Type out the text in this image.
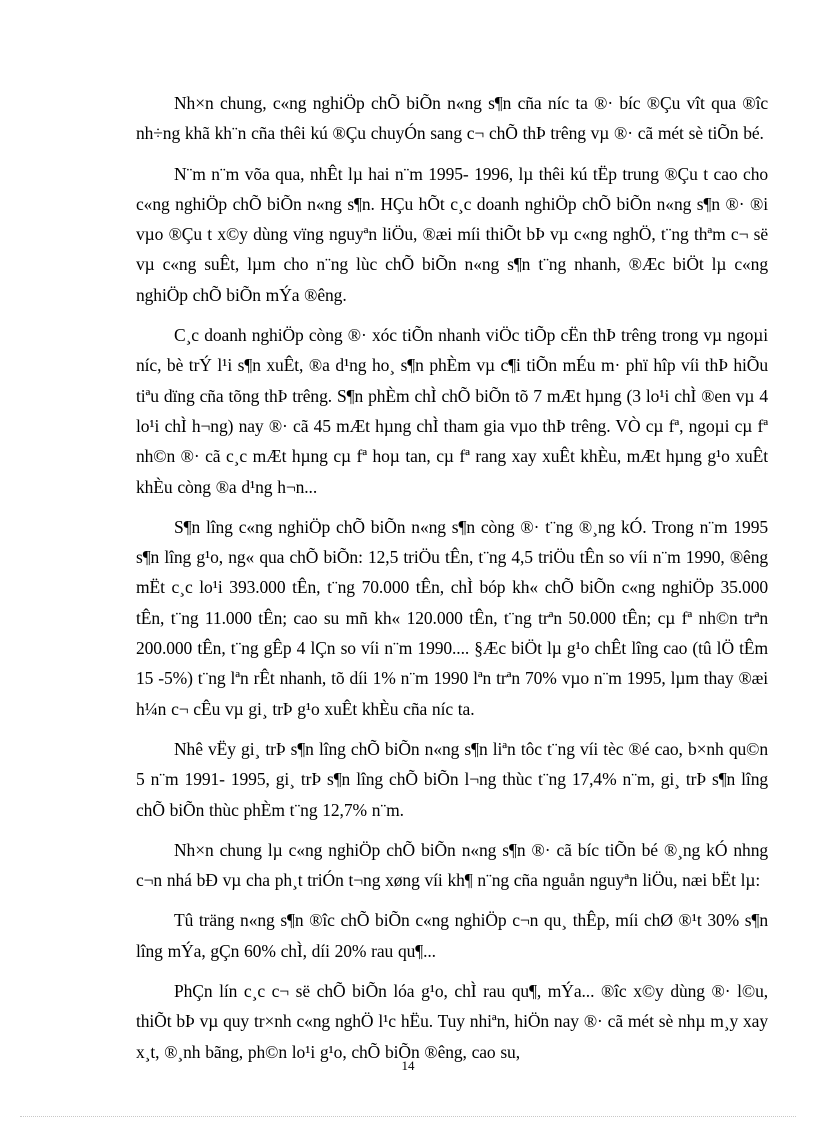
Nh×n chung, c«ng nghiÖp chÕ biÕn n«ng s¶n cña níc ta ®· bíc ®Çu vît qua ®îc nh÷ng khã kh¨n cña thêi kú ®Çu chuyÓn sang c¬ chÕ thÞ trêng vµ ®· cã mét sè tiÕn bé.

N¨m n¨m võa qua, nhÊt lµ hai n¨m 1995- 1996, lµ thêi kú tËp trung ®Çu t cao cho c«ng nghiÖp chÕ biÕn n«ng s¶n. HÇu hÕt c¸c doanh nghiÖp chÕ biÕn n«ng s¶n ®· ®i vµo ®Çu t x©y dùng vïng nguyªn liÖu, ®æi míi thiÕt bÞ vµ c«ng nghÖ, t¨ng thªm c¬ së vµ c«ng suÊt, lµm cho n¨ng lùc chÕ biÕn n«ng s¶n t¨ng nhanh, ®Æc biÖt lµ c«ng nghiÖp chÕ biÕn mÝa ®êng.

C¸c doanh nghiÖp còng ®· xóc tiÕn nhanh viÖc tiÕp cËn thÞ trêng trong vµ ngoµi níc, bè trÝ l¹i s¶n xuÊt, ®a d¹ng ho¸ s¶n phÈm vµ c¶i tiÕn mÉu m· phï hîp víi thÞ hiÕu tiªu dïng cña tõng thÞ trêng. S¶n phÈm chÌ chÕ biÕn tõ 7 mÆt hµng (3 lo¹i chÌ ®en vµ 4 lo¹i chÌ h¬ng) nay ®· cã 45 mÆt hµng chÌ tham gia vµo thÞ trêng. VÒ cµ fª, ngoµi cµ fª nh©n ®· cã c¸c mÆt hµng cµ fª hoµ tan, cµ fª rang xay xuÊt khÈu, mÆt hµng g¹o xuÊt khÈu còng ®a d¹ng h¬n...

S¶n lîng c«ng nghiÖp chÕ biÕn n«ng s¶n còng ®· t¨ng ®¸ng kÓ. Trong n¨m 1995 s¶n lîng g¹o, ng« qua chÕ biÕn: 12,5 triÖu tÊn, t¨ng 4,5 triÖu tÊn so víi n¨m 1990, ®êng mËt c¸c lo¹i 393.000 tÊn, t¨ng 70.000 tÊn, chÌ bóp kh« chÕ biÕn c«ng nghiÖp 35.000 tÊn, t¨ng 11.000 tÊn; cao su mñ kh« 120.000 tÊn, t¨ng trªn 50.000 tÊn; cµ fª nh©n trªn 200.000 tÊn, t¨ng gÊp 4 lÇn so víi n¨m 1990.... §Æc biÖt lµ g¹o chÊt lîng cao (tû lÖ tÊm 15 -5%) t¨ng lªn rÊt nhanh, tõ díi 1% n¨m 1990 lªn trªn 70% vµo n¨m 1995, lµm thay ®æi h¼n c¬ cÊu vµ gi¸ trÞ g¹o xuÊt khÈu cña níc ta.

Nhê vËy gi¸ trÞ s¶n lîng chÕ biÕn n«ng s¶n liªn tôc t¨ng víi tèc ®é cao, b×nh qu©n 5 n¨m 1991- 1995, gi¸ trÞ s¶n lîng chÕ biÕn l¬ng thùc t¨ng 17,4% n¨m, gi¸ trÞ s¶n lîng chÕ biÕn thùc phÈm t¨ng 12,7% n¨m.

Nh×n chung lµ c«ng nghiÖp chÕ biÕn n«ng s¶n ®· cã bíc tiÕn bé ®¸ng kÓ nhng c¬n nhá bÐ vµ cha ph¸t triÓn t¬ng xøng víi kh¶ n¨ng cña nguån nguyªn liÖu, næi bËt lµ:

Tû träng n«ng s¶n ®îc chÕ biÕn c«ng nghiÖp c¬n qu¸ thÊp, míi chØ ®¹t 30% s¶n lîng mÝa, gÇn 60% chÌ, díi 20% rau qu¶...

PhÇn lín c¸c c¬ së chÕ biÕn lóa g¹o, chÌ rau qu¶, mÝa... ®îc x©y dùng ®· l©u, thiÕt bÞ vµ quy tr×nh c«ng nghÖ l¹c hËu. Tuy nhiªn, hiÖn nay ®· cã mét sè nhµ m¸y xay x¸t, ®¸nh bãng, ph©n lo¹i g¹o, chÕ biÕn ®êng, cao su,

14
